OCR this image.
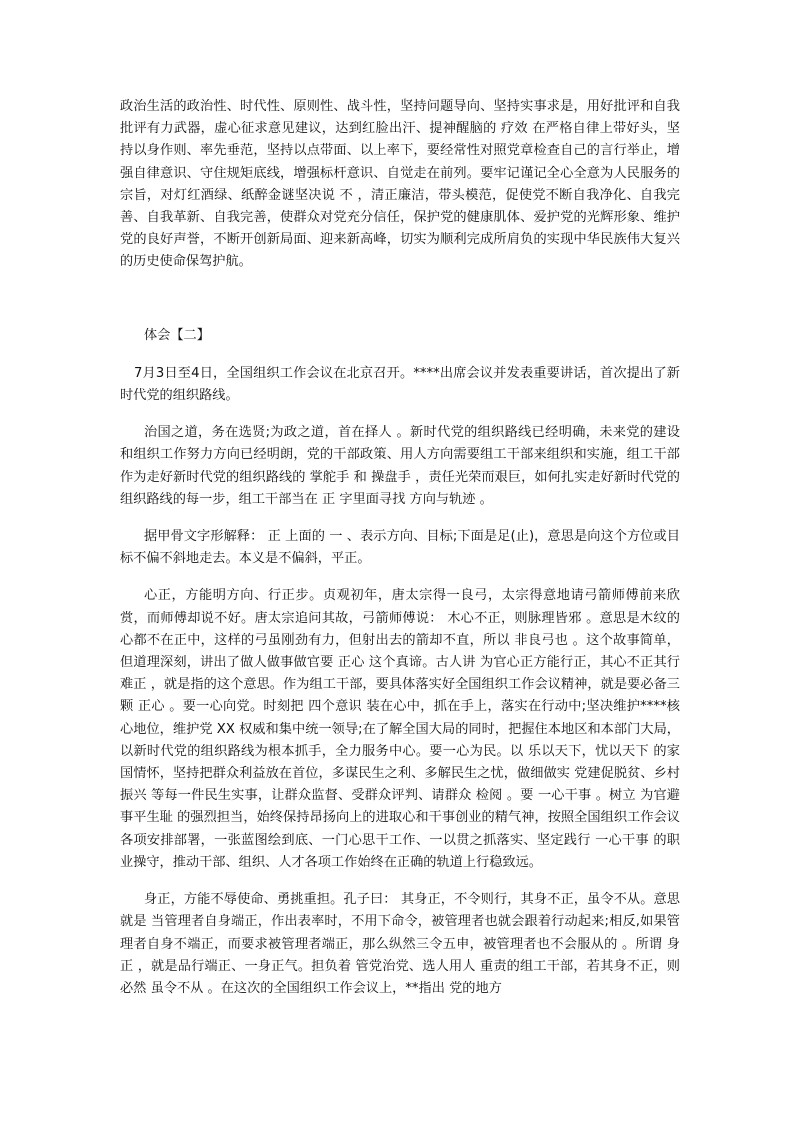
政治生活的政治性、时代性、原则性、战斗性，坚持问题导向、坚持实事求是，用好批评和自我批评有力武器，虚心征求意见建议，达到红脸出汗、提神醒脑的 疗效 在严格自律上带好头，坚持以身作则、率先垂范，坚持以点带面、以上率下，要经常性对照党章检查自己的言行举止，增强自律意识、守住规矩底线，增强标杆意识、自觉走在前列。要牢记谨记全心全意为人民服务的宗旨，对灯红酒绿、纸醉金谜坚决说 不 ，清正廉洁，带头模范，促使党不断自我净化、自我完善、自我革新、自我完善，使群众对党充分信任，保护党的健康肌体、爱护党的光辉形象、维护党的良好声誉，不断开创新局面、迎来新高峰，切实为顺利完成所肩负的实现中华民族伟大复兴的历史使命保驾护航。

体会【二】

7月3日至4日，全国组织工作会议在北京召开。****出席会议并发表重要讲话，首次提出了新时代党的组织路线。

治国之道，务在选贤;为政之道，首在择人 。新时代党的组织路线已经明确，未来党的建设和组织工作努力方向已经明朗，党的干部政策、用人方向需要组工干部来组织和实施，组工干部作为走好新时代党的组织路线的 掌舵手 和 操盘手 ，责任光荣而艰巨，如何扎实走好新时代党的组织路线的每一步，组工干部当在 正 字里面寻找 方向与轨迹 。

据甲骨文字形解释： 正 上面的 一 、表示方向、目标;下面是足(止)，意思是向这个方位或目标不偏不斜地走去。本义是不偏斜，平正。

心正，方能明方向、行正步。贞观初年，唐太宗得一良弓，太宗得意地请弓箭师傅前来欣赏，而师傅却说不好。唐太宗追问其故，弓箭师傅说： 木心不正，则脉理皆邪 。意思是木纹的心都不在正中，这样的弓虽刚劲有力，但射出去的箭却不直，所以 非良弓也 。这个故事简单，但道理深刻，讲出了做人做事做官要 正心 这个真谛。古人讲 为官心正方能行正，其心不正其行难正 ，就是指的这个意思。作为组工干部，要具体落实好全国组织工作会议精神，就是要必备三颗 正心 。要一心向党。时刻把 四个意识 装在心中，抓在手上，落实在行动中;坚决维护****核心地位，维护党 XX 权威和集中统一领导;在了解全国大局的同时，把握住本地区和本部门大局，以新时代党的组织路线为根本抓手，全力服务中心。要一心为民。以 乐以天下，忧以天下 的家国情怀，坚持把群众利益放在首位，多谋民生之利、多解民生之忧，做细做实 党建促脱贫、乡村振兴 等每一件民生实事，让群众监督、受群众评判、请群众 检阅 。要 一心干事 。树立 为官避事平生耻 的强烈担当，始终保持昂扬向上的进取心和干事创业的精气神，按照全国组织工作会议各项安排部署，一张蓝图绘到底、一门心思干工作、一以贯之抓落实、坚定践行 一心干事 的职业操守，推动干部、组织、人才各项工作始终在正确的轨道上行稳致远。

身正，方能不辱使命、勇挑重担。孔子曰： 其身正，不令则行，其身不正，虽令不从。意思就是 当管理者自身端正，作出表率时，不用下命令，被管理者也就会跟着行动起来;相反,如果管理者自身不端正，而要求被管理者端正，那么纵然三令五申，被管理者也不会服从的 。所谓 身正 ，就是品行端正、一身正气。担负着 管党治党、选人用人 重责的组工干部，若其身不正，则必然 虽令不从 。在这次的全国组织工作会议上，**指出 党的地方
